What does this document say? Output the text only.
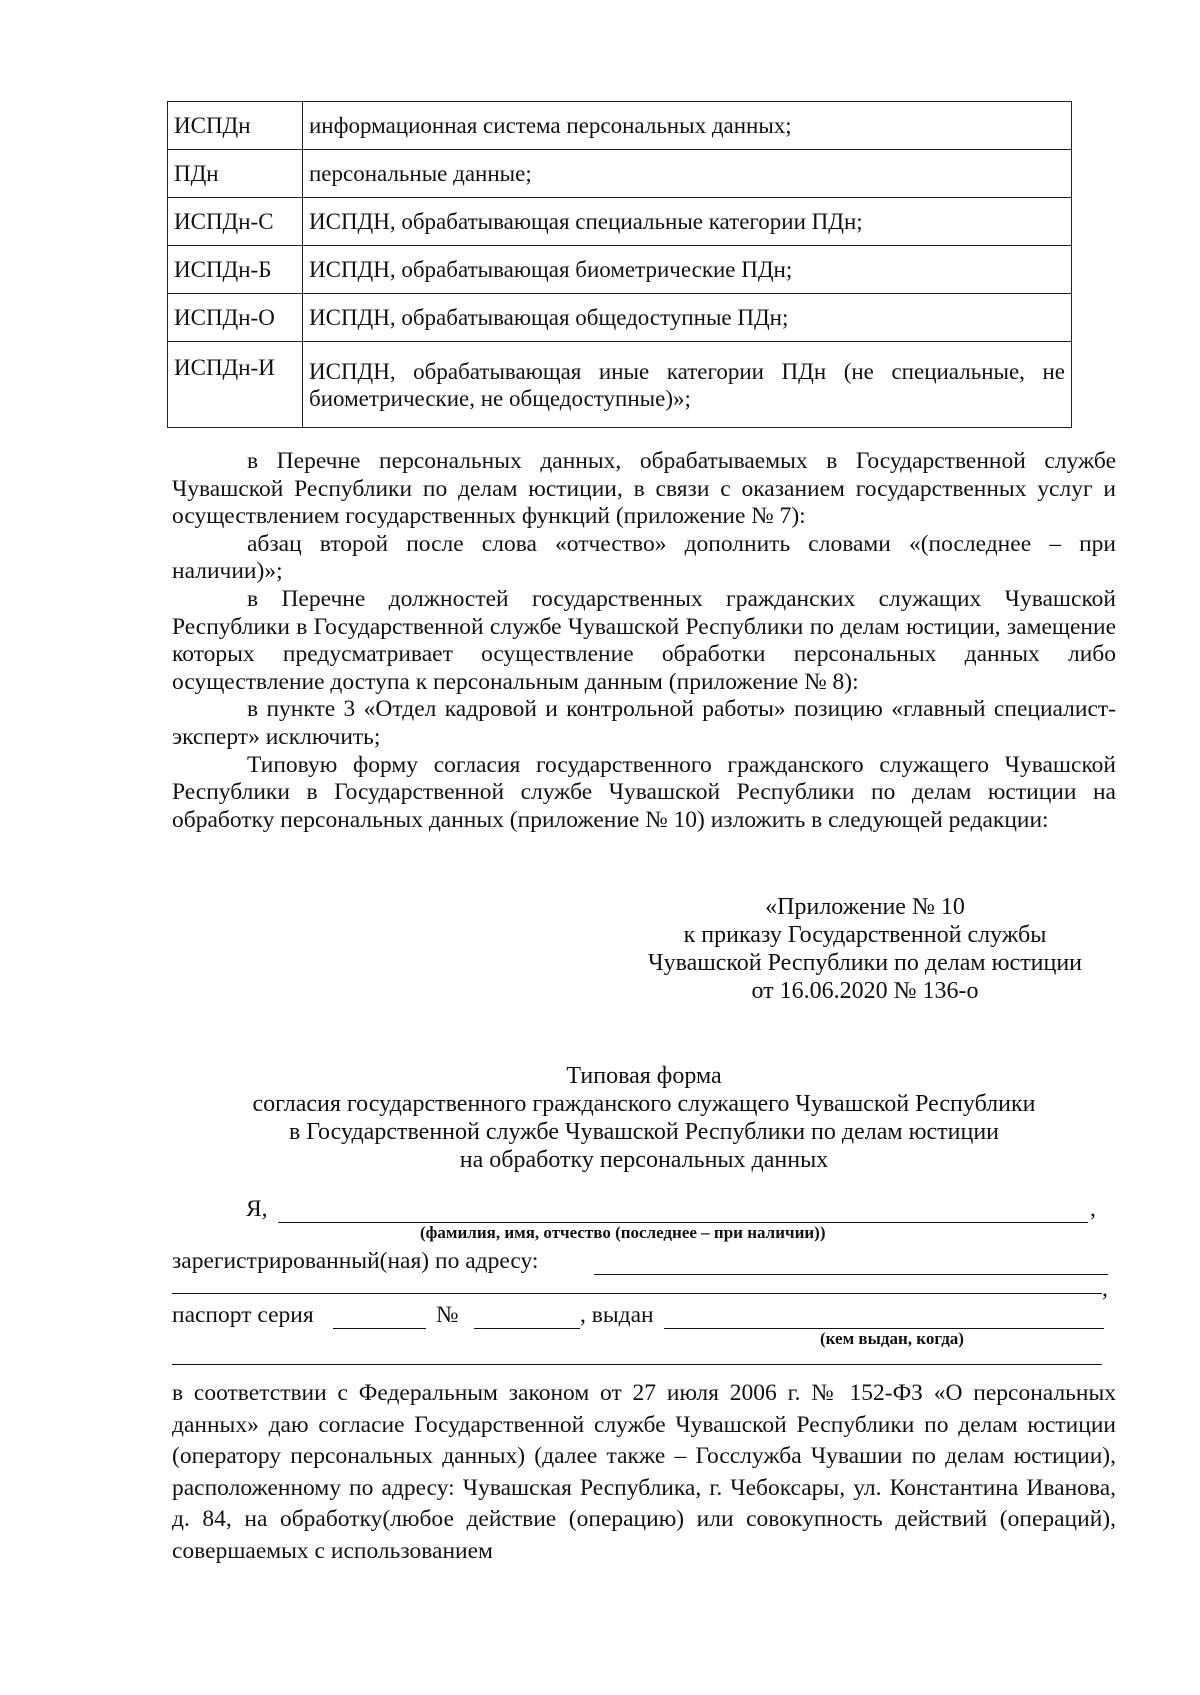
ИСПДн	информационная система персональных данных;
ПДн	персональные данные;
ИСПДн-С	ИСПДН, обрабатывающая специальные категории ПДн;
ИСПДн-Б	ИСПДН, обрабатывающая биометрические ПДн;
ИСПДн-О	ИСПДН, обрабатывающая общедоступные ПДн;
ИСПДн-И	ИСПДН, обрабатывающая иные категории ПДн (не специальные, не биометрические, не общедоступные)»;

в Перечне персональных данных, обрабатываемых в Государственной службе Чувашской Республики по делам юстиции, в связи с оказанием государственных услуг и осуществлением государственных функций (приложение № 7):

абзац второй после слова «отчество» дополнить словами «(последнее – при наличии)»;

в Перечне должностей государственных гражданских служащих Чувашской Республики в Государственной службе Чувашской Республики по делам юстиции, замещение которых предусматривает осуществление обработки персональных данных либо осуществление доступа к персональным данным (приложение № 8):

в пункте 3 «Отдел кадровой и контрольной работы» позицию «главный специалист-эксперт» исключить;

Типовую форму согласия государственного гражданского служащего Чувашской Республики в Государственной службе Чувашской Республики по делам юстиции на обработку персональных данных (приложение № 10) изложить в следующей редакции:

«Приложение № 10
к приказу Государственной службы
Чувашской Республики по делам юстиции
от 16.06.2020 № 136-о
Типовая форма
согласия государственного гражданского служащего Чувашской Республики
в Государственной службе Чувашской Республики по делам юстиции
на обработку персональных данных
Я,	,
(фамилия, имя, отчество (последнее – при наличии))
зарегистрированный(ная) по адресу:
,
паспорт серия	№	, выдан
(кем выдан, когда)

в соответствии с Федеральным законом от 27 июля 2006 г. № 152-ФЗ «О персональных данных» даю согласие Государственной службе Чувашской Республики по делам юстиции (оператору персональных данных) (далее также – Госслужба Чувашии по делам юстиции), расположенному по адресу: Чувашская Республика, г. Чебоксары, ул. Константина Иванова, д. 84, на обработку(любое действие (операцию) или совокупность действий (операций), совершаемых с использованием
